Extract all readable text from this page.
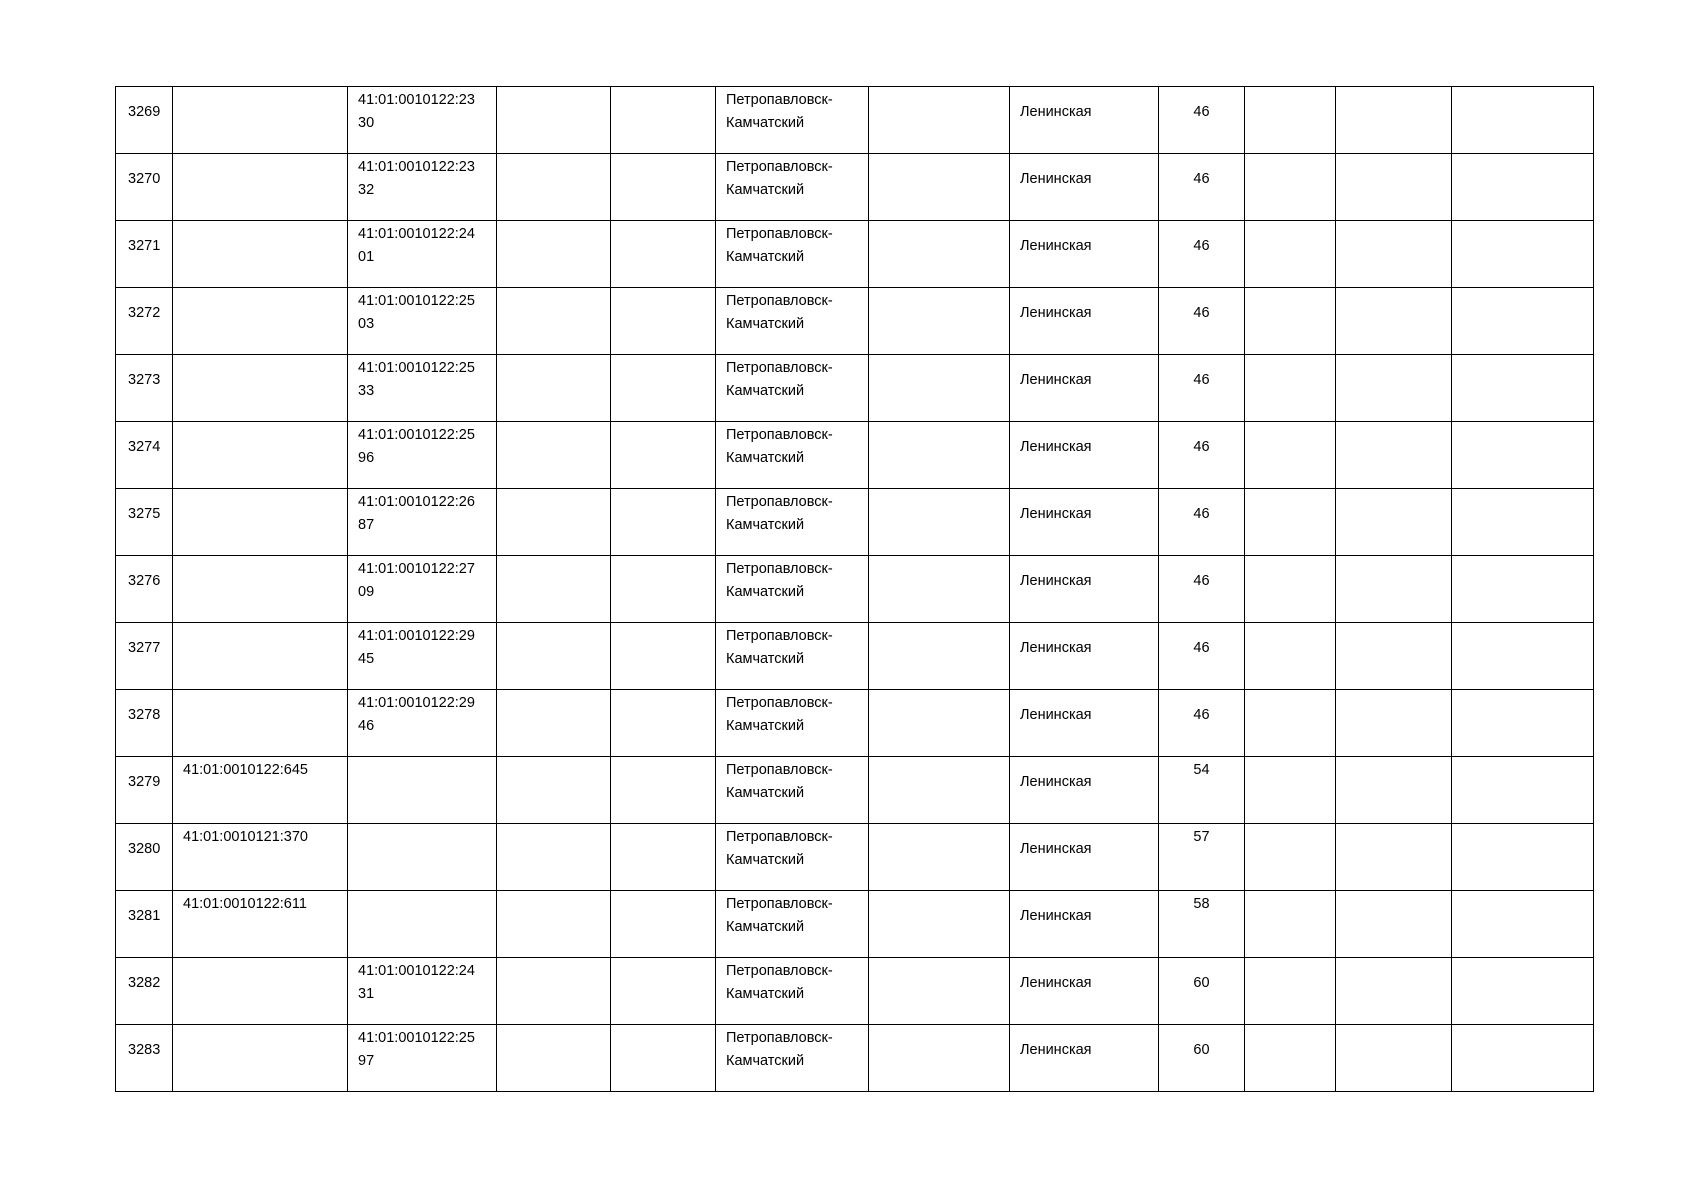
3269		41:01:0010122:2330			Петропавловск-Камчатский		Ленинская	46			

3270		41:01:0010122:2332			Петропавловск-Камчатский		Ленинская	46			

3271		41:01:0010122:2401			Петропавловск-Камчатский		Ленинская	46			

3272		41:01:0010122:2503			Петропавловск-Камчатский		Ленинская	46			

3273		41:01:0010122:2533			Петропавловск-Камчатский		Ленинская	46			

3274		41:01:0010122:2596			Петропавловск-Камчатский		Ленинская	46			

3275		41:01:0010122:2687			Петропавловск-Камчатский		Ленинская	46			

3276		41:01:0010122:2709			Петропавловск-Камчатский		Ленинская	46			

3277		41:01:0010122:2945			Петропавловск-Камчатский		Ленинская	46			

3278		41:01:0010122:2946			Петропавловск-Камчатский		Ленинская	46			

3279	41:01:0010122:645				Петропавловск-Камчатский		Ленинская	54			

3280	41:01:0010121:370				Петропавловск-Камчатский		Ленинская	57			

3281	41:01:0010122:611				Петропавловск-Камчатский		Ленинская	58			

3282		41:01:0010122:2431			Петропавловск-Камчатский		Ленинская	60			

3283		41:01:0010122:2597			Петропавловск-Камчатский		Ленинская	60			
